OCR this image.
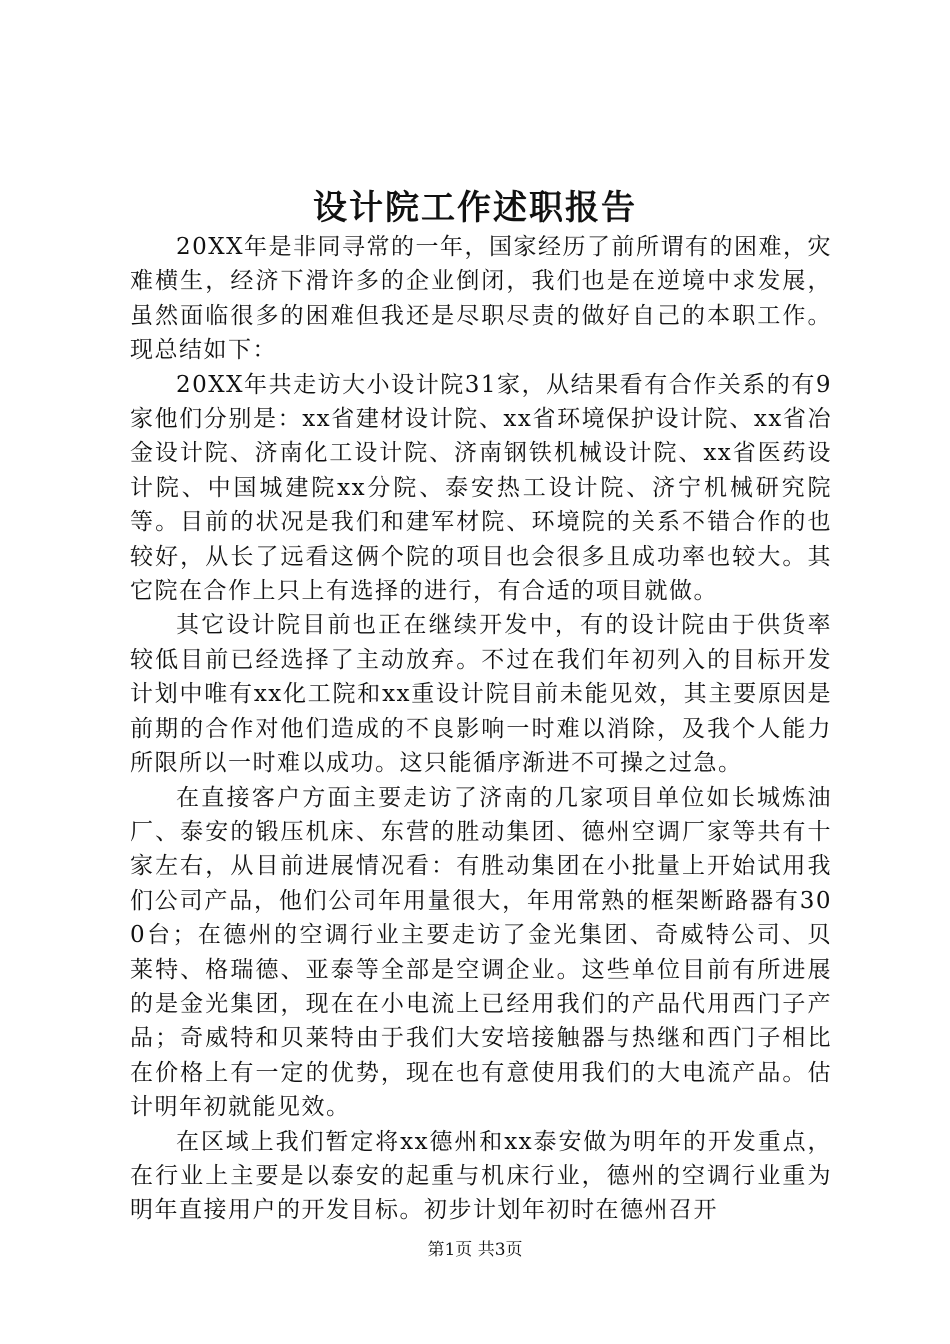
设计院工作述职报告

20XX年是非同寻常的一年，国家经历了前所谓有的困难，灾难横生，经济下滑许多的企业倒闭，我们也是在逆境中求发展，虽然面临很多的困难但我还是尽职尽责的做好自己的本职工作。现总结如下：

20XX年共走访大小设计院31家，从结果看有合作关系的有9家他们分别是：xx省建材设计院、xx省环境保护设计院、xx省冶金设计院、济南化工设计院、济南钢铁机械设计院、xx省医药设计院、中国城建院xx分院、泰安热工设计院、济宁机械研究院等。目前的状况是我们和建军材院、环境院的关系不错合作的也较好，从长了远看这俩个院的项目也会很多且成功率也较大。其它院在合作上只上有选择的进行，有合适的项目就做。

其它设计院目前也正在继续开发中，有的设计院由于供货率较低目前已经选择了主动放弃。不过在我们年初列入的目标开发计划中唯有xx化工院和xx重设计院目前未能见效，其主要原因是前期的合作对他们造成的不良影响一时难以消除，及我个人能力所限所以一时难以成功。这只能循序渐进不可操之过急。

在直接客户方面主要走访了济南的几家项目单位如长城炼油厂、泰安的锻压机床、东营的胜动集团、德州空调厂家等共有十家左右，从目前进展情况看：有胜动集团在小批量上开始试用我们公司产品，他们公司年用量很大，年用常熟的框架断路器有300台；在德州的空调行业主要走访了金光集团、奇威特公司、贝莱特、格瑞德、亚泰等全部是空调企业。这些单位目前有所进展的是金光集团，现在在小电流上已经用我们的产品代用西门子产品；奇威特和贝莱特由于我们大安培接触器与热继和西门子相比在价格上有一定的优势，现在也有意使用我们的大电流产品。估计明年初就能见效。

在区域上我们暂定将xx德州和xx泰安做为明年的开发重点，在行业上主要是以泰安的起重与机床行业，德州的空调行业重为明年直接用户的开发目标。初步计划年初时在德州召开

第1页 共3页
